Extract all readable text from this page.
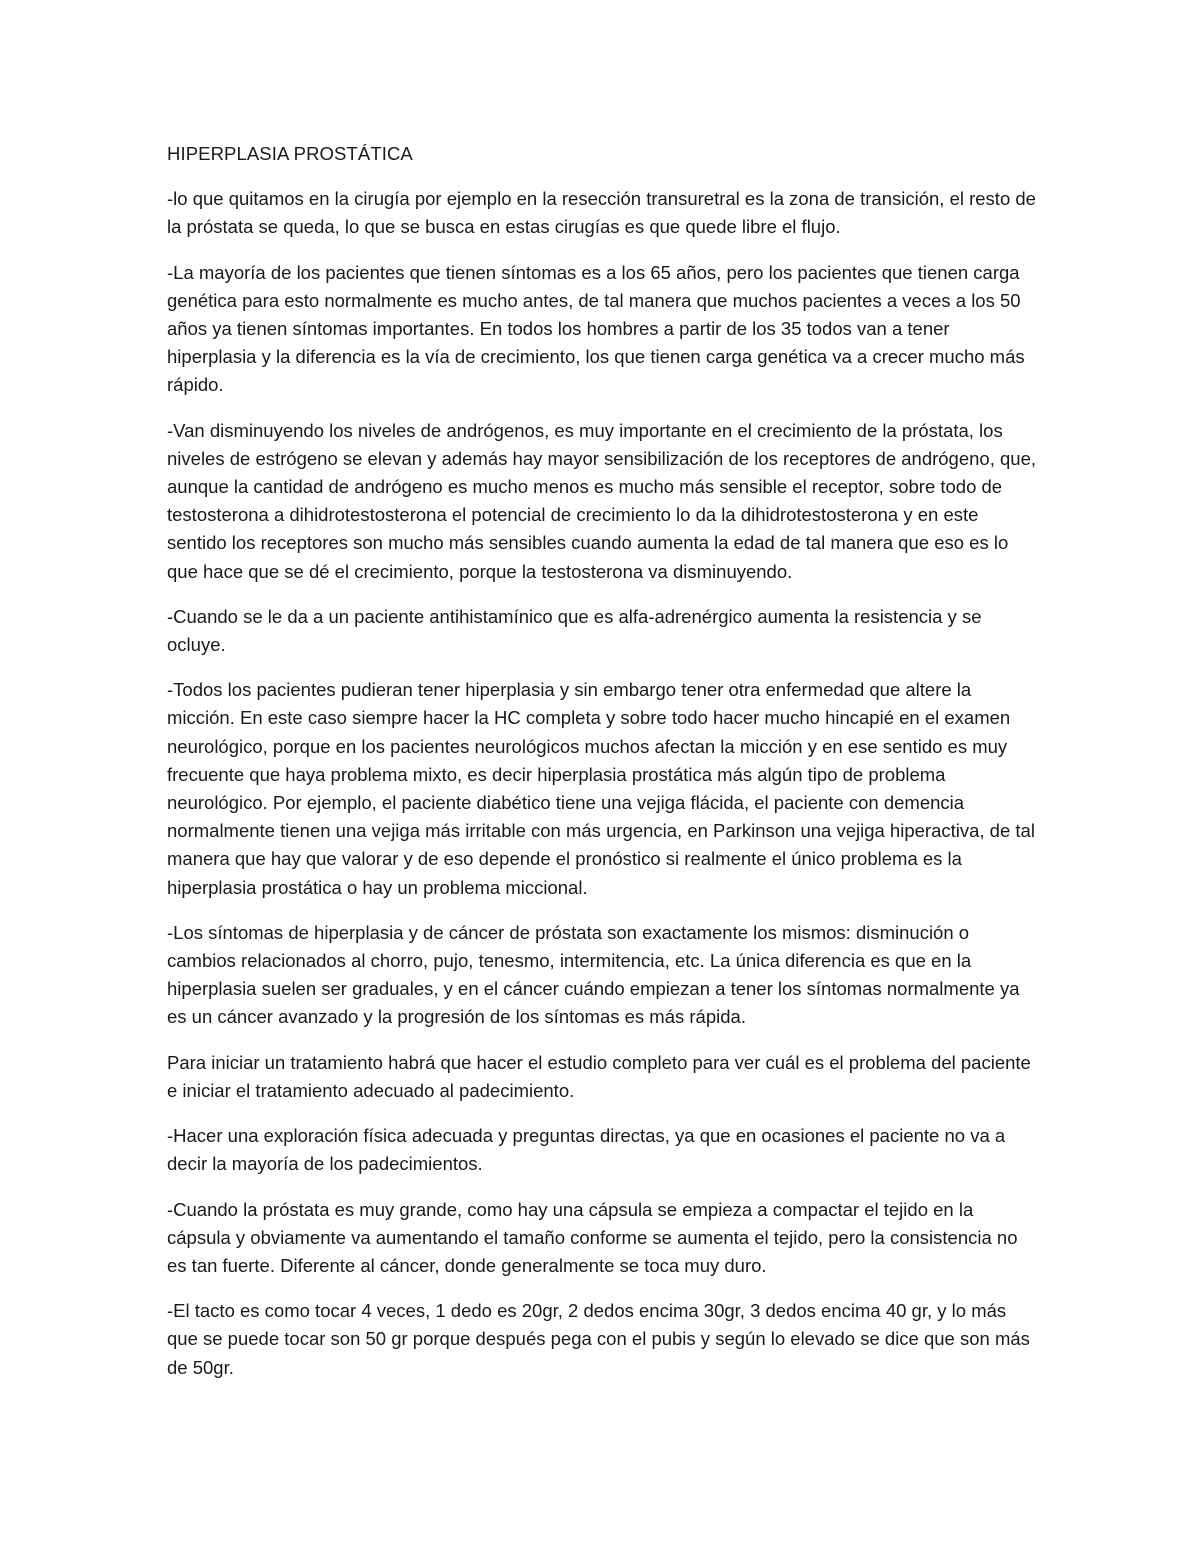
HIPERPLASIA PROSTÁTICA

-lo que quitamos en la cirugía por ejemplo en la resección transuretral es la zona de transición, el resto de la próstata se queda, lo que se busca en estas cirugías es que quede libre el flujo.

-La mayoría de los pacientes que tienen síntomas es a los 65 años, pero los pacientes que tienen carga genética para esto normalmente es mucho antes, de tal manera que muchos pacientes a veces a los 50 años ya tienen síntomas importantes. En todos los hombres a partir de los 35 todos van a tener hiperplasia y la diferencia es la vía de crecimiento, los que tienen carga genética va a crecer mucho más rápido.

-Van disminuyendo los niveles de andrógenos, es muy importante en el crecimiento de la próstata, los niveles de estrógeno se elevan y además hay mayor sensibilización de los receptores de andrógeno, que, aunque la cantidad de andrógeno es mucho menos es mucho más sensible el receptor, sobre todo de testosterona a dihidrotestosterona el potencial de crecimiento lo da la dihidrotestosterona y en este sentido los receptores son mucho más sensibles cuando aumenta la edad de tal manera que eso es lo que hace que se dé el crecimiento, porque la testosterona va disminuyendo.

-Cuando se le da a un paciente antihistamínico que es alfa-adrenérgico aumenta la resistencia y se ocluye.

-Todos los pacientes pudieran tener hiperplasia y sin embargo tener otra enfermedad que altere la micción. En este caso siempre hacer la HC completa y sobre todo hacer mucho hincapié en el examen neurológico, porque en los pacientes neurológicos muchos afectan la micción y en ese sentido es muy frecuente que haya problema mixto, es decir hiperplasia prostática más algún tipo de problema neurológico. Por ejemplo, el paciente diabético tiene una vejiga flácida, el paciente con demencia normalmente tienen una vejiga más irritable con más urgencia, en Parkinson una vejiga hiperactiva, de tal manera que hay que valorar y de eso depende el pronóstico si realmente el único problema es la hiperplasia prostática o hay un problema miccional.

-Los síntomas de hiperplasia y de cáncer de próstata son exactamente los mismos: disminución o cambios relacionados al chorro, pujo, tenesmo, intermitencia, etc. La única diferencia es que en la hiperplasia suelen ser graduales, y en el cáncer cuándo empiezan a tener los síntomas normalmente ya es un cáncer avanzado y la progresión de los síntomas es más rápida.

Para iniciar un tratamiento habrá que hacer el estudio completo para ver cuál es el problema del paciente e iniciar el tratamiento adecuado al padecimiento.

-Hacer una exploración física adecuada y preguntas directas, ya que en ocasiones el paciente no va a decir la mayoría de los padecimientos.

-Cuando la próstata es muy grande, como hay una cápsula se empieza a compactar el tejido en la cápsula y obviamente va aumentando el tamaño conforme se aumenta el tejido, pero la consistencia no es tan fuerte. Diferente al cáncer, donde generalmente se toca muy duro.

-El tacto es como tocar 4 veces, 1 dedo es 20gr, 2 dedos encima 30gr, 3 dedos encima 40 gr, y lo más que se puede tocar son 50 gr porque después pega con el pubis y según lo elevado se dice que son más de 50gr.
